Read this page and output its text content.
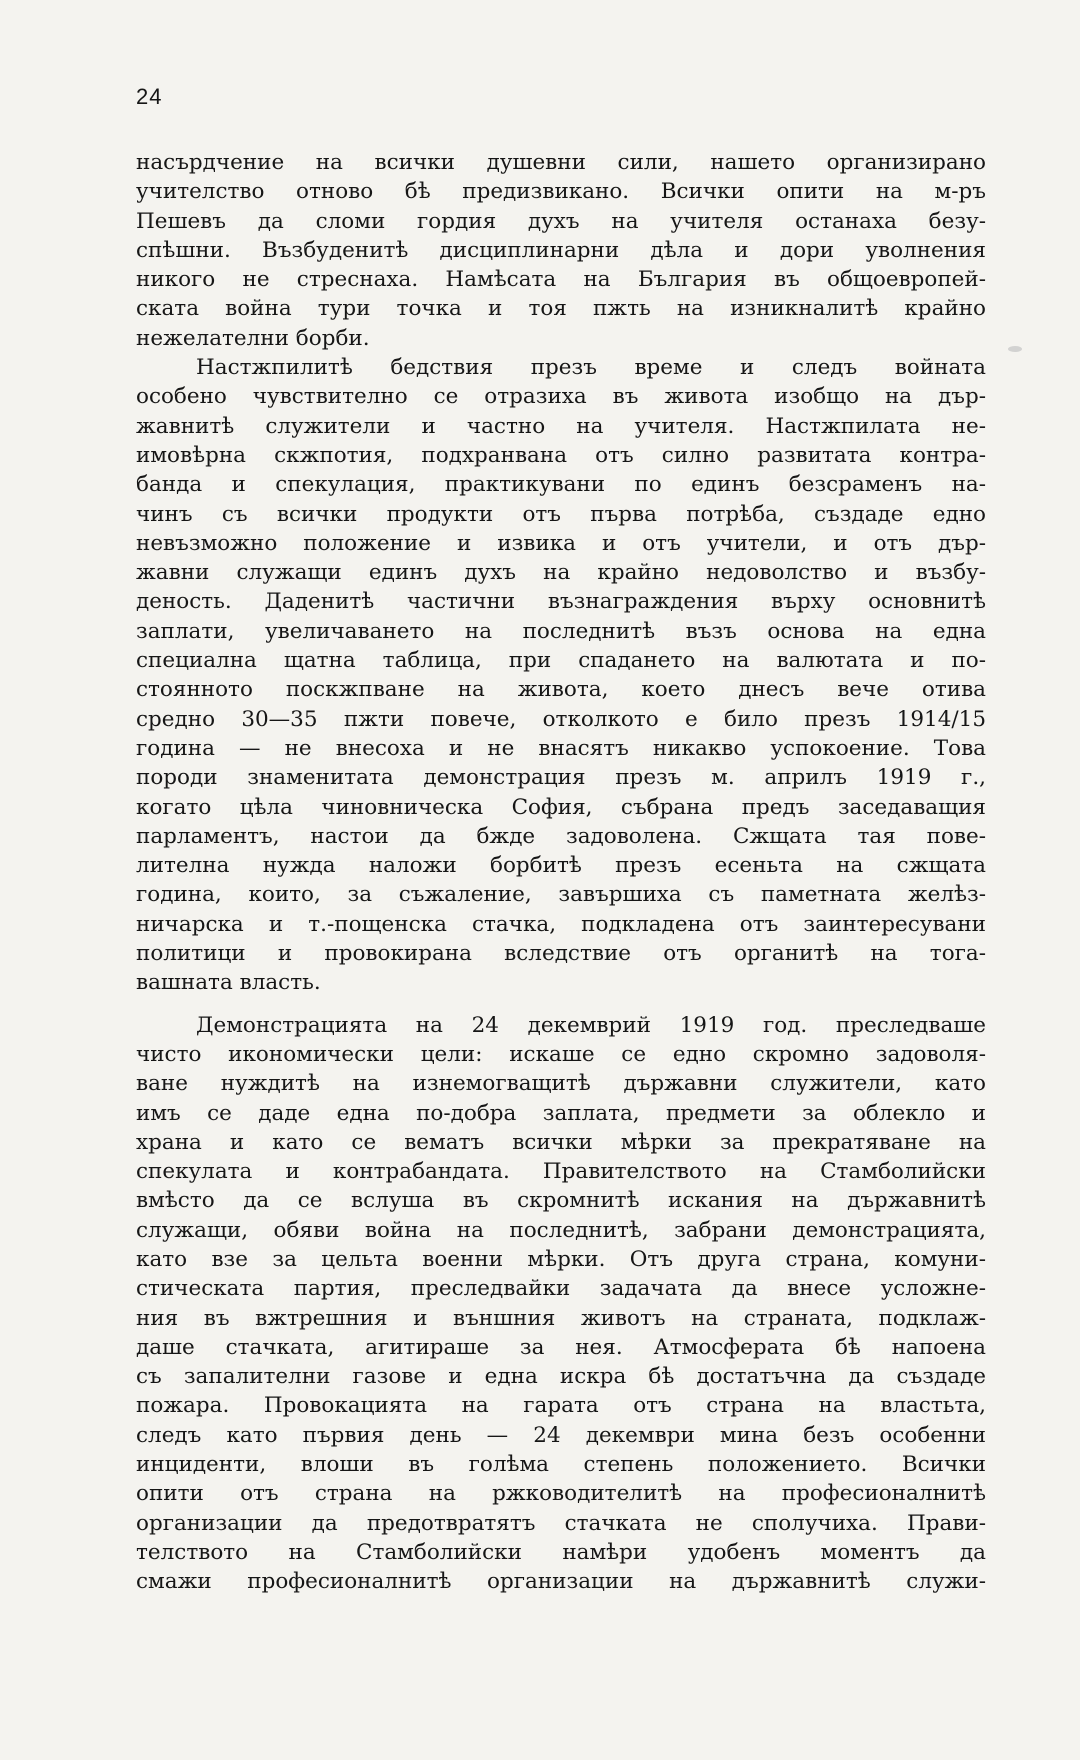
24
насърдчение на всички душевни сили, нашето организирано
учителство отново бѣ предизвикано. Всички опити на м-ръ
Пешевъ да сломи гордия духъ на учителя останаха безу-
спѣшни. Възбуденитѣ дисциплинарни дѣла и дори уволнения
никого не стреснаха. Намѣсата на България въ общоевропей-
ската война тури точка и тоя пжть на изникналитѣ крайно
нежелателни борби.
Настжпилитѣ бедствия презъ време и следъ войната
особено чувствително се отразиха въ живота изобщо на дър-
жавнитѣ служители и частно на учителя. Настжпилата не-
имовѣрна скжпотия, подхранвана отъ силно развитата контра-
банда и спекулация, практикувани по единъ безсраменъ на-
чинъ съ всички продукти отъ първа потрѣба, създаде едно
невъзможно положение и извика и отъ учители, и отъ дър-
жавни служащи единъ духъ на крайно недоволство и възбу-
деность. Даденитѣ частични възнаграждения върху основнитѣ
заплати, увеличаването на последнитѣ възъ основа на една
специална щатна таблица, при спадането на валютата и по-
стоянното поскжпване на живота, което днесъ вече отива
средно 30—35 пжти повече, отколкото е било презъ 1914/15
година — не внесоха и не внасятъ никакво успокоение. Това
породи знаменитата демонстрация презъ м. априлъ 1919 г.,
когато цѣла чиновническа София, събрана предъ заседаващия
парламентъ, настои да бжде задоволена. Сжщата тая пове-
лителна нужда наложи борбитѣ презъ есеньта на сжщата
година, които, за съжаление, завършиха съ паметната желѣз-
ничарска и т.-пощенска стачка, подкладена отъ заинтересувани
политици и провокирана вследствие отъ органитѣ на тога-
вашната власть.
Демонстрацията на 24 декемврий 1919 год. преследваше
чисто икономически цели: искаше се едно скромно задоволя-
ване нуждитѣ на изнемогващитѣ държавни служители, като
имъ се даде една по-добра заплата, предмети за облекло и
храна и като се вематъ всички мѣрки за прекратяване на
спекулата и контрабандата. Правителството на Стамболийски
вмѣсто да се вслуша въ скромнитѣ искания на държавнитѣ
служащи, обяви война на последнитѣ, забрани демонстрацията,
като взе за цельта военни мѣрки. Отъ друга страна, комуни-
стическата партия, преследвайки задачата да внесе усложне-
ния въ вжтрешния и външния животъ на страната, подклаж-
даше стачката, агитираше за нея. Атмосферата бѣ напоена
съ запалителни газове и една искра бѣ достатъчна да създаде
пожара. Провокацията на гарата отъ страна на властьта,
следъ като първия день — 24 декември мина безъ особенни
инциденти, влоши въ голѣма степень положението. Всички
опити отъ страна на ржководителитѣ на професионалнитѣ
организации да предотвратятъ стачката не сполучиха. Прави-
телството на Стамболийски намѣри удобенъ моментъ да
смажи професионалнитѣ организации на държавнитѣ служи-
